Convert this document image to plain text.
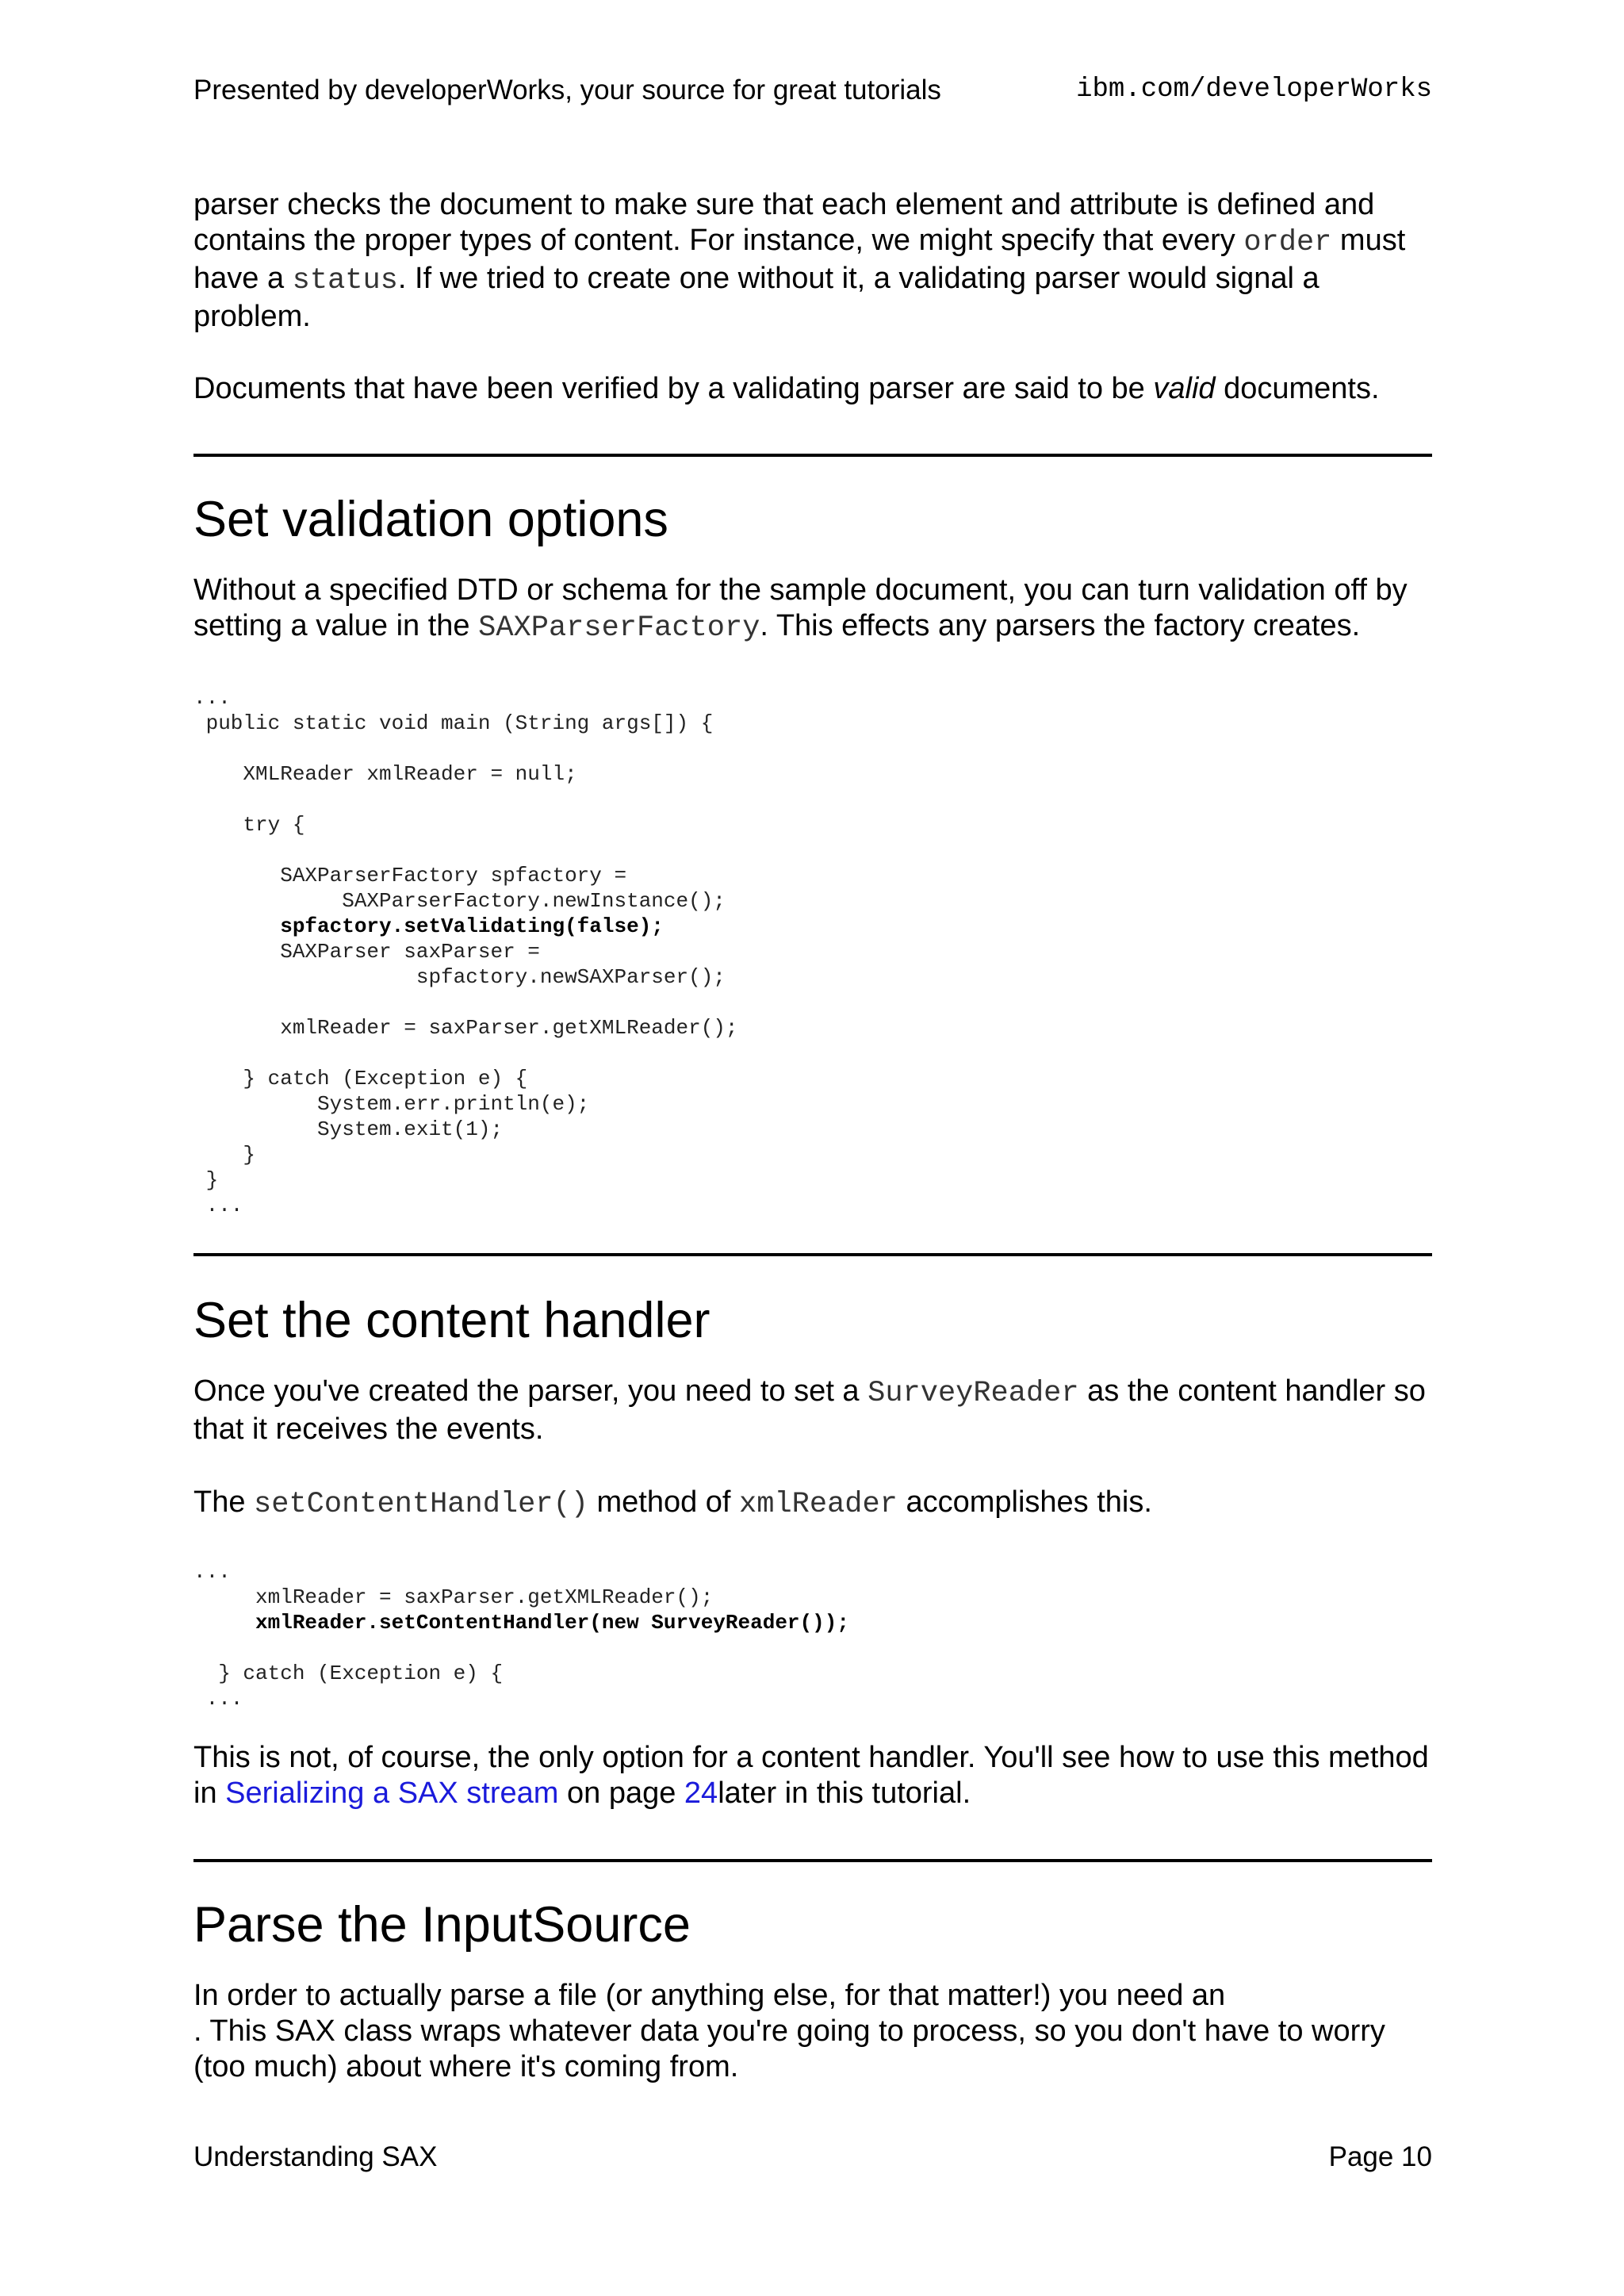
Presented by developerWorks, your source for great tutorials	ibm.com/developerWorks

parser checks the document to make sure that each element and attribute is defined and contains the proper types of content. For instance, we might specify that every order must have a status. If we tried to create one without it, a validating parser would signal a problem.

Documents that have been verified by a validating parser are said to be valid documents.

Set validation options

Without a specified DTD or schema for the sample document, you can turn validation off by setting a value in the SAXParserFactory. This effects any parsers the factory creates.

...
public static void main (String args[]) {

XMLReader xmlReader = null;

try {

SAXParserFactory spfactory =
SAXParserFactory.newInstance();
spfactory.setValidating(false);
SAXParser saxParser =
spfactory.newSAXParser();

xmlReader = saxParser.getXMLReader();

} catch (Exception e) {
System.err.println(e);
System.exit(1);
}
}
...
Set the content handler

Once you've created the parser, you need to set a SurveyReader as the content handler so that it receives the events.

The setContentHandler() method of xmlReader accomplishes this.

...
xmlReader = saxParser.getXMLReader();
xmlReader.setContentHandler(new SurveyReader());

} catch (Exception e) {
...

This is not, of course, the only option for a content handler. You'll see how to use this method in Serializing a SAX stream on page 24later in this tutorial.

Parse the InputSource

In order to actually parse a file (or anything else, for that matter!) you need an
. This SAX class wraps whatever data you're going to process, so you don't have to worry (too much) about where it's coming from.

Understanding SAX	Page 10
